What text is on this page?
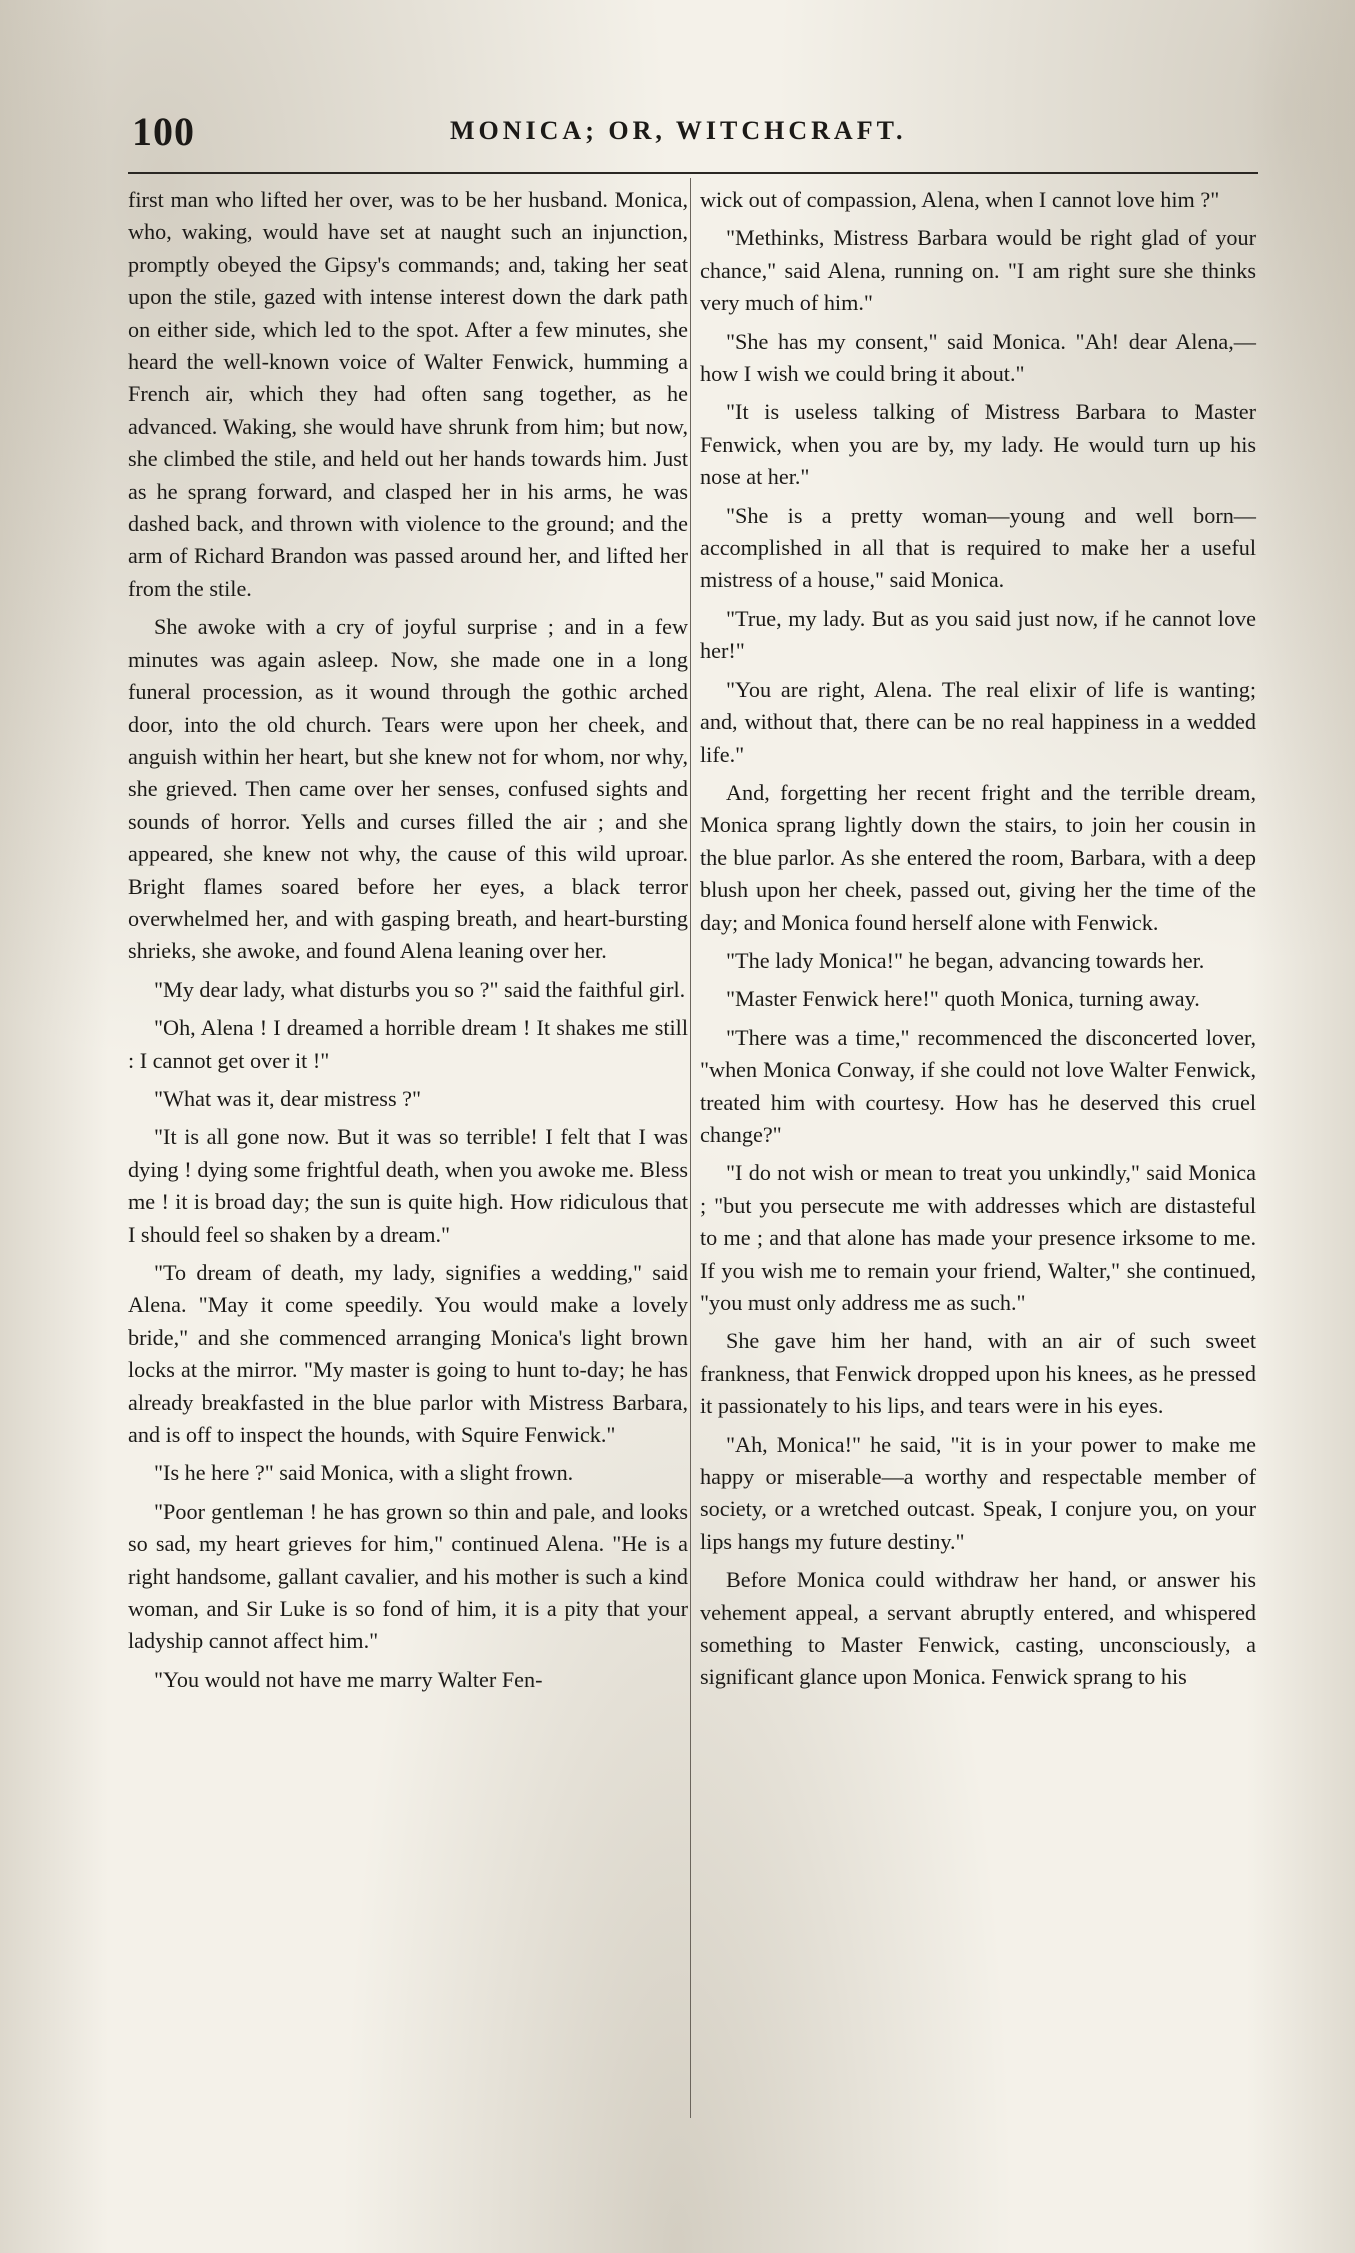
100	MONICA; OR, WITCHCRAFT.

first man who lifted her over, was to be her husband. Monica, who, waking, would have set at naught such an injunction, promptly obeyed the Gipsy's commands; and, taking her seat upon the stile, gazed with intense interest down the dark path on either side, which led to the spot. After a few minutes, she heard the well-known voice of Walter Fenwick, humming a French air, which they had often sang together, as he advanced. Waking, she would have shrunk from him; but now, she climbed the stile, and held out her hands towards him. Just as he sprang forward, and clasped her in his arms, he was dashed back, and thrown with violence to the ground; and the arm of Richard Brandon was passed around her, and lifted her from the stile.

She awoke with a cry of joyful surprise ; and in a few minutes was again asleep. Now, she made one in a long funeral procession, as it wound through the gothic arched door, into the old church. Tears were upon her cheek, and anguish within her heart, but she knew not for whom, nor why, she grieved. Then came over her senses, confused sights and sounds of horror. Yells and curses filled the air ; and she appeared, she knew not why, the cause of this wild uproar. Bright flames soared before her eyes, a black terror overwhelmed her, and with gasping breath, and heart-bursting shrieks, she awoke, and found Alena leaning over her.

"My dear lady, what disturbs you so ?" said the faithful girl.

"Oh, Alena ! I dreamed a horrible dream ! It shakes me still : I cannot get over it !"

"What was it, dear mistress ?"

"It is all gone now. But it was so terrible! I felt that I was dying ! dying some frightful death, when you awoke me. Bless me ! it is broad day; the sun is quite high. How ridiculous that I should feel so shaken by a dream."

"To dream of death, my lady, signifies a wedding," said Alena. "May it come speedily. You would make a lovely bride," and she commenced arranging Monica's light brown locks at the mirror. "My master is going to hunt to-day; he has already breakfasted in the blue parlor with Mistress Barbara, and is off to inspect the hounds, with Squire Fenwick."

"Is he here ?" said Monica, with a slight frown.

"Poor gentleman ! he has grown so thin and pale, and looks so sad, my heart grieves for him," continued Alena. "He is a right handsome, gallant cavalier, and his mother is such a kind woman, and Sir Luke is so fond of him, it is a pity that your ladyship cannot affect him."

"You would not have me marry Walter Fen-

wick out of compassion, Alena, when I cannot love him ?"

"Methinks, Mistress Barbara would be right glad of your chance," said Alena, running on. "I am right sure she thinks very much of him."

"She has my consent," said Monica. "Ah! dear Alena,—how I wish we could bring it about."

"It is useless talking of Mistress Barbara to Master Fenwick, when you are by, my lady. He would turn up his nose at her."

"She is a pretty woman—young and well born—accomplished in all that is required to make her a useful mistress of a house," said Monica.

"True, my lady. But as you said just now, if he cannot love her!"

"You are right, Alena. The real elixir of life is wanting; and, without that, there can be no real happiness in a wedded life."

And, forgetting her recent fright and the terrible dream, Monica sprang lightly down the stairs, to join her cousin in the blue parlor. As she entered the room, Barbara, with a deep blush upon her cheek, passed out, giving her the time of the day; and Monica found herself alone with Fenwick.

"The lady Monica!" he began, advancing towards her.

"Master Fenwick here!" quoth Monica, turning away.

"There was a time," recommenced the disconcerted lover, "when Monica Conway, if she could not love Walter Fenwick, treated him with courtesy. How has he deserved this cruel change?"

"I do not wish or mean to treat you unkindly," said Monica ; "but you persecute me with addresses which are distasteful to me ; and that alone has made your presence irksome to me. If you wish me to remain your friend, Walter," she continued, "you must only address me as such."

She gave him her hand, with an air of such sweet frankness, that Fenwick dropped upon his knees, as he pressed it passionately to his lips, and tears were in his eyes.

"Ah, Monica!" he said, "it is in your power to make me happy or miserable—a worthy and respectable member of society, or a wretched outcast. Speak, I conjure you, on your lips hangs my future destiny."

Before Monica could withdraw her hand, or answer his vehement appeal, a servant abruptly entered, and whispered something to Master Fenwick, casting, unconsciously, a significant glance upon Monica. Fenwick sprang to his
